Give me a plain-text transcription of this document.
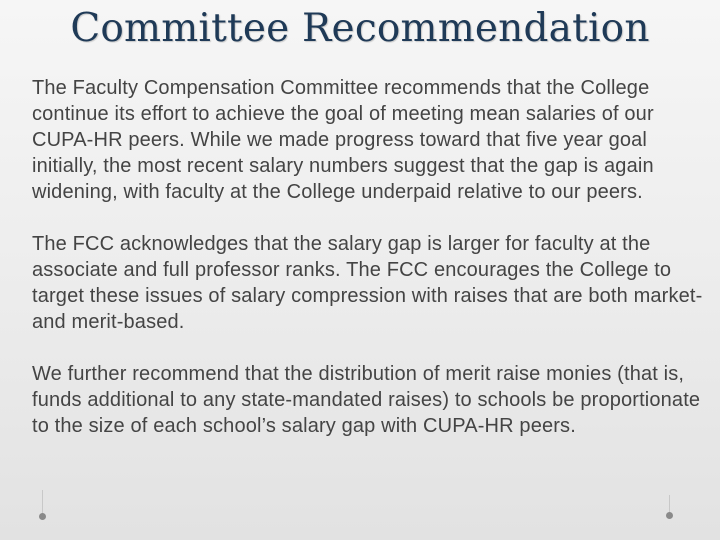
Committee Recommendation

The Faculty Compensation Committee recommends that the College continue its effort to achieve the goal of meeting mean salaries of our CUPA-HR peers. While we made progress toward that five year goal initially, the most recent salary numbers suggest that the gap is again widening, with faculty at the College underpaid relative to our peers.

The FCC acknowledges that the salary gap is larger for faculty at the associate and full professor ranks. The FCC encourages the College to target these issues of salary compression with raises that are both market- and merit-based.

We further recommend that the distribution of merit raise monies (that is, funds additional to any state-mandated raises) to schools be proportionate to the size of each school’s salary gap with CUPA-HR peers.
